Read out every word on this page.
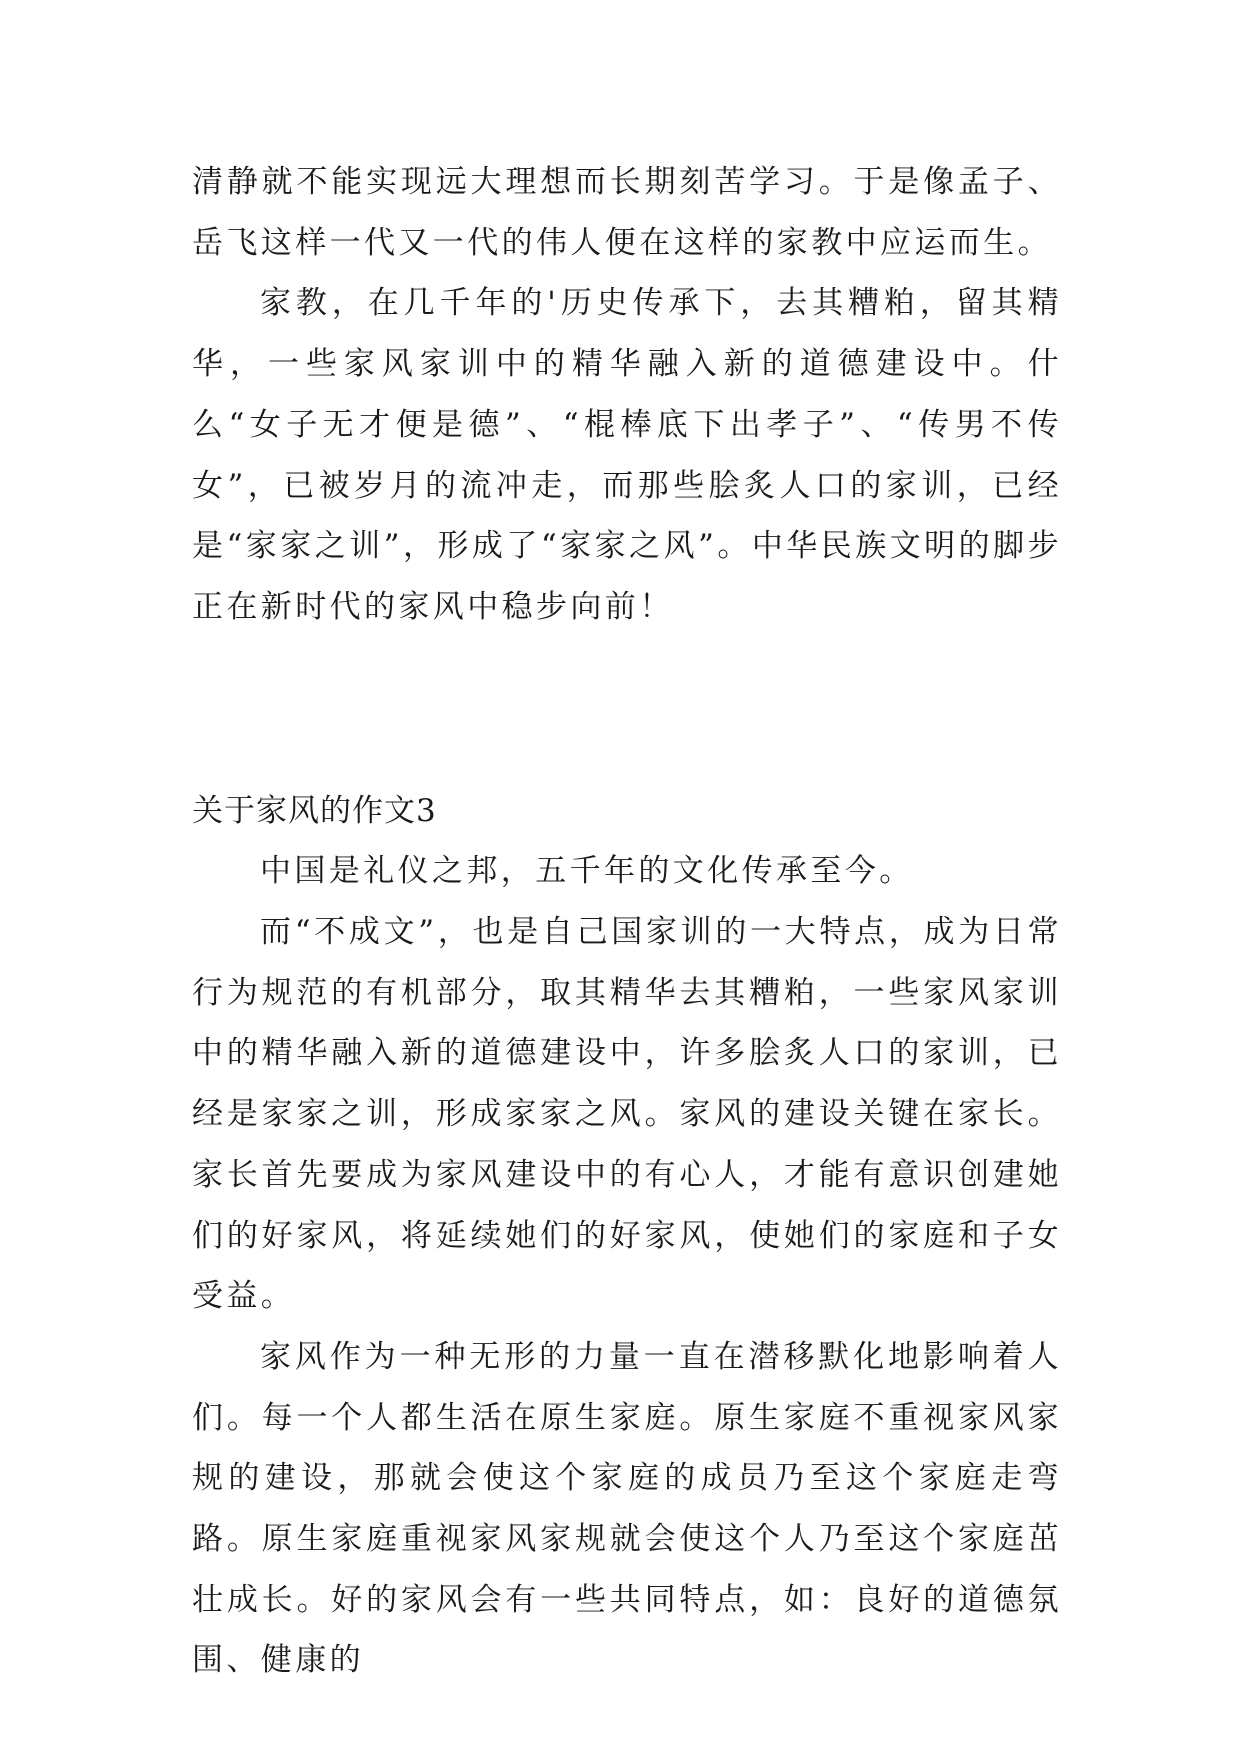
清静就不能实现远大理想而长期刻苦学习。于是像孟子、岳飞这样一代又一代的伟人便在这样的家教中应运而生。

家教，在几千年的'历史传承下，去其糟粕，留其精华，一些家风家训中的精华融入新的道德建设中。什么“女子无才便是德”、“棍棒底下出孝子”、“传男不传女”，已被岁月的流冲走，而那些脍炙人口的家训，已经是“家家之训”，形成了“家家之风”。中华民族文明的脚步正在新时代的家风中稳步向前！

关于家风的作文3

中国是礼仪之邦，五千年的文化传承至今。

而“不成文”，也是自己国家训的一大特点，成为日常行为规范的有机部分，取其精华去其糟粕，一些家风家训中的精华融入新的道德建设中，许多脍炙人口的家训，已经是家家之训，形成家家之风。家风的建设关键在家长。家长首先要成为家风建设中的有心人，才能有意识创建她们的好家风，将延续她们的好家风，使她们的家庭和子女受益。

家风作为一种无形的力量一直在潜移默化地影响着人们。每一个人都生活在原生家庭。原生家庭不重视家风家规的建设，那就会使这个家庭的成员乃至这个家庭走弯路。原生家庭重视家风家规就会使这个人乃至这个家庭茁壮成长。好的家风会有一些共同特点，如：良好的道德氛围、健康的
